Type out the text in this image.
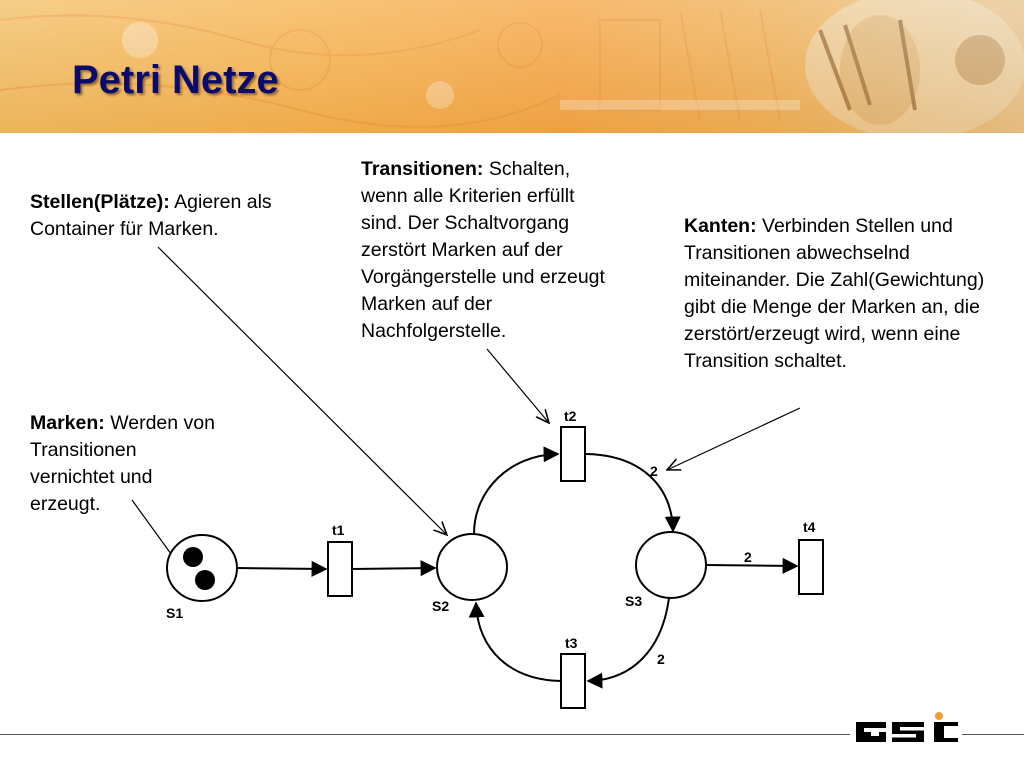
Petri Netze
Stellen(Plätze): Agieren als Container für Marken.
Transitionen: Schalten, wenn alle Kriterien erfüllt sind. Der Schaltvorgang zerstört Marken auf der Vorgängerstelle und erzeugt Marken auf der Nachfolgerstelle.
Kanten: Verbinden Stellen und Transitionen abwechselnd miteinander. Die Zahl(Gewichtung) gibt die Menge der Marken an, die zerstört/erzeugt wird, wenn eine Transition schaltet.
Marken: Werden von Transitionen vernichtet und erzeugt.
S1	S2	S3
t1
t2
t3
t4
2
2
2
